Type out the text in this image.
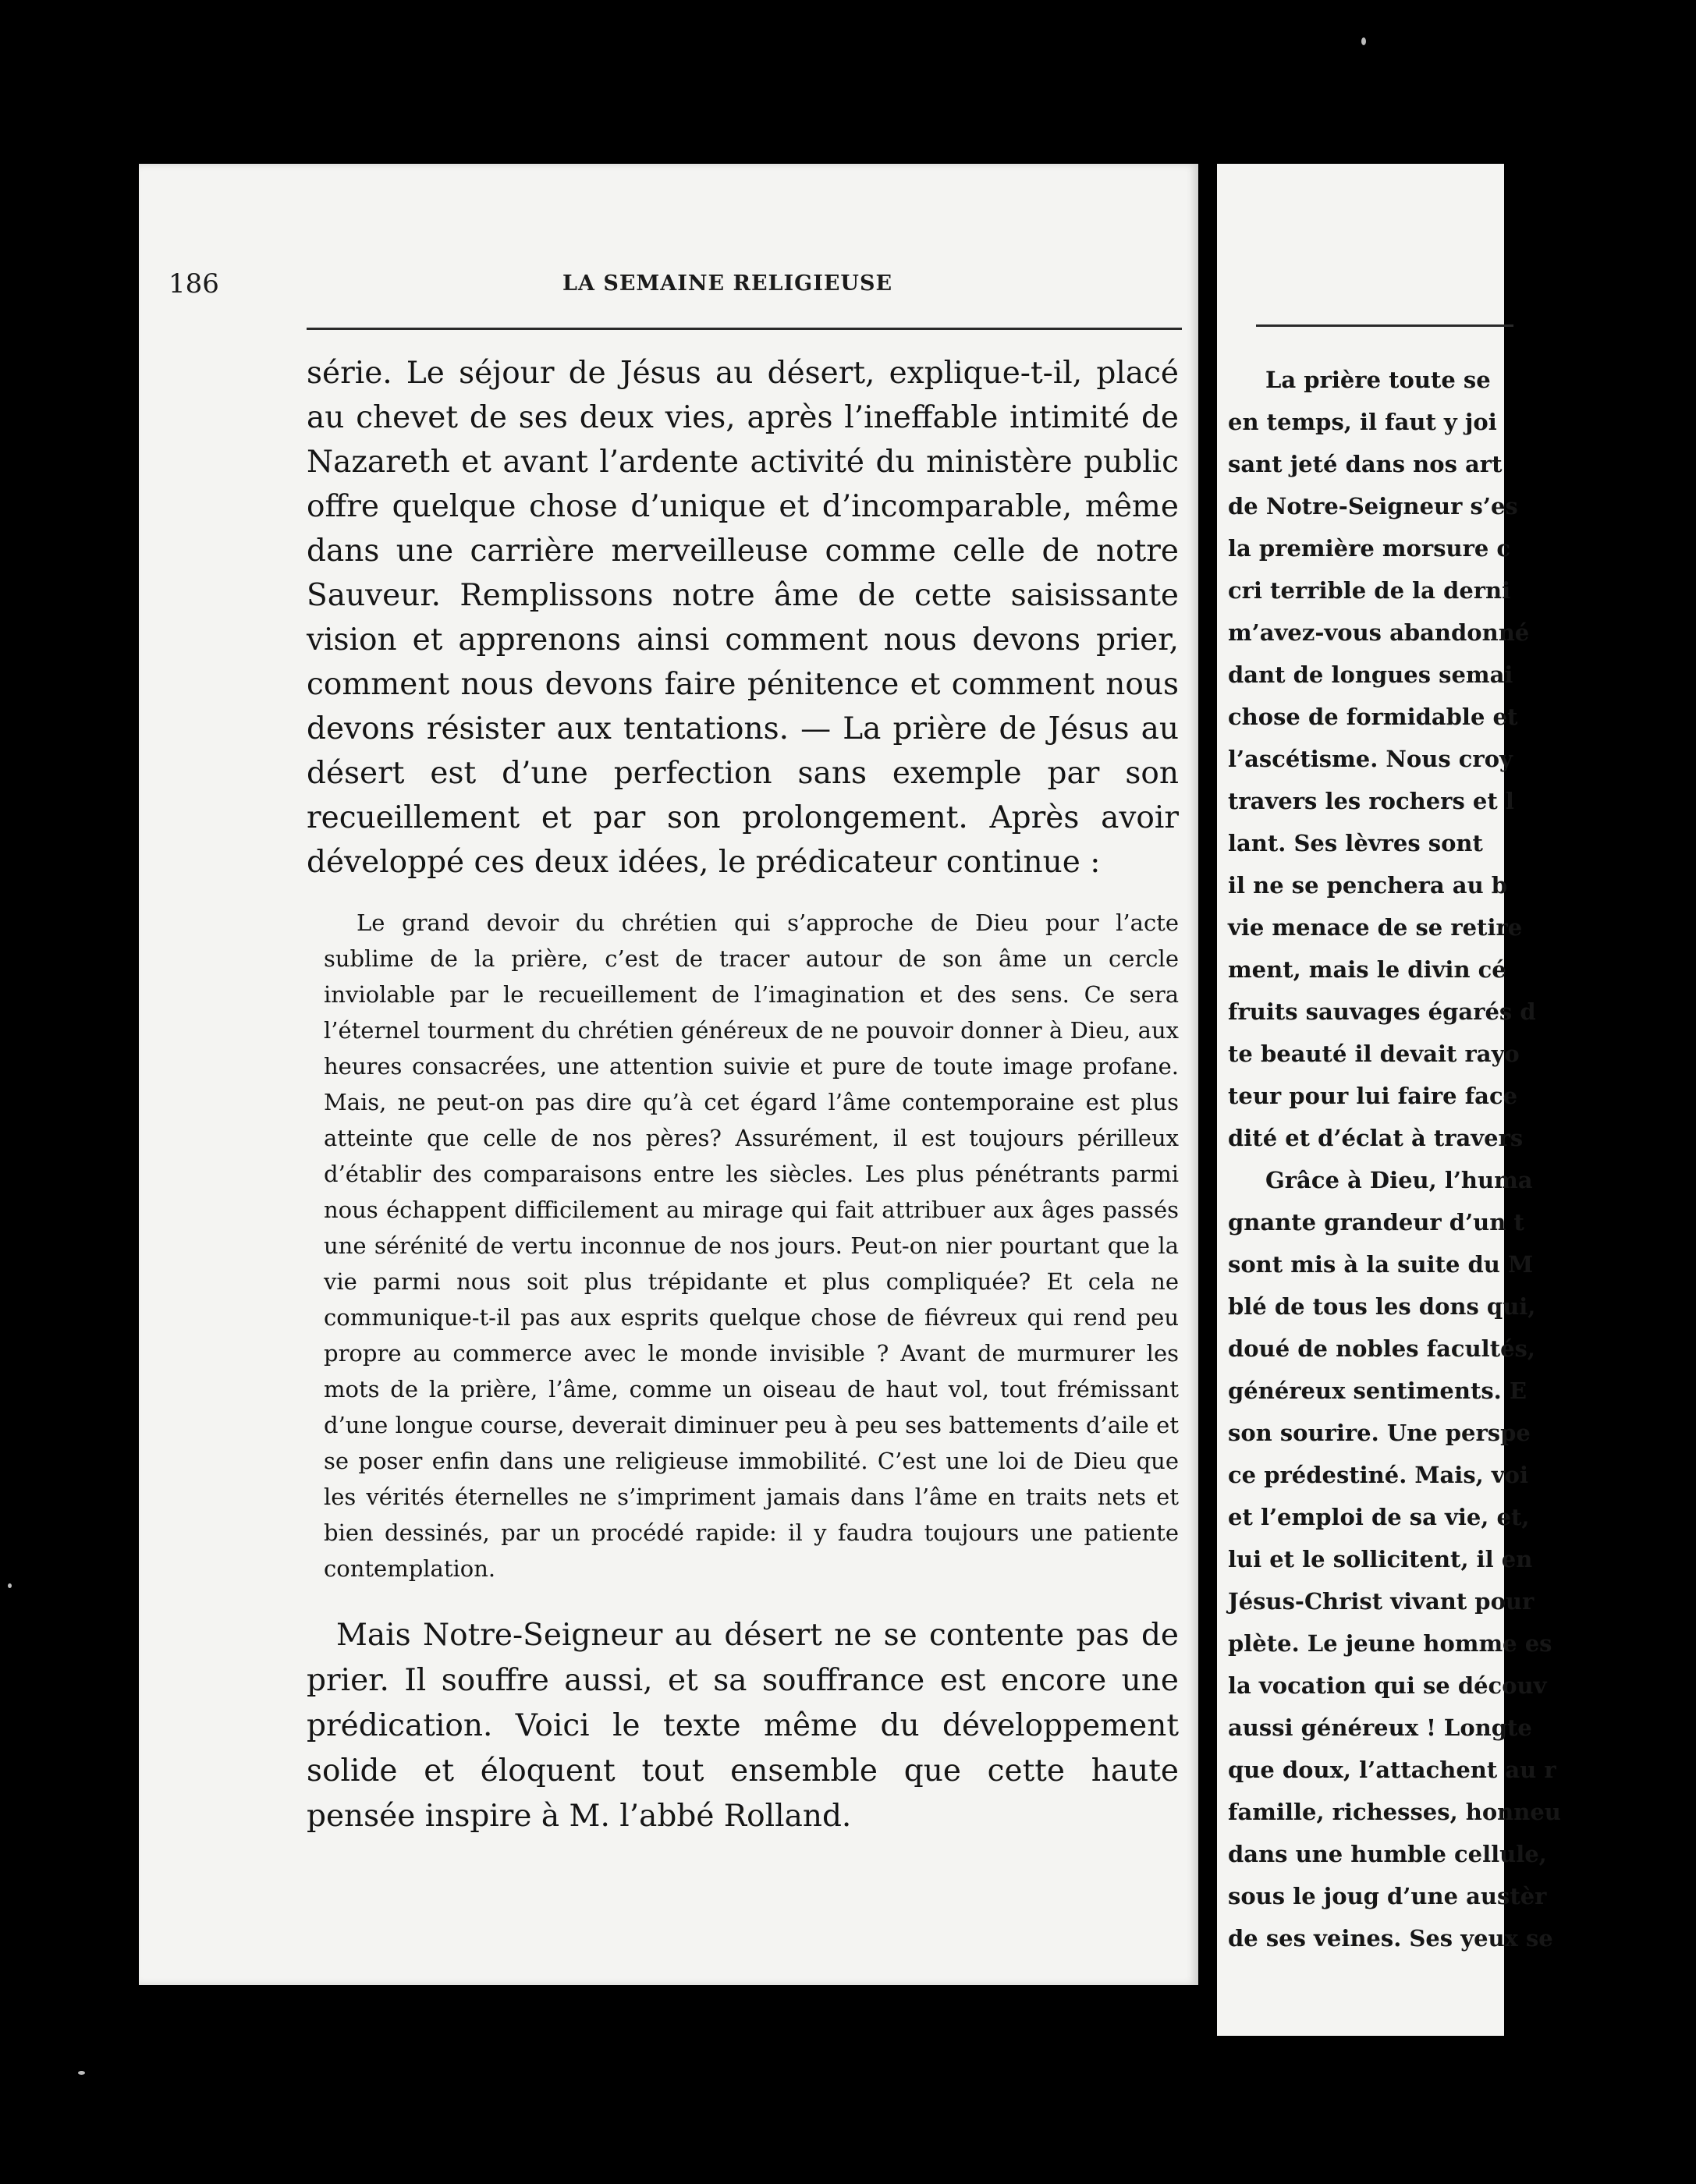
186	LA SEMAINE RELIGIEUSE

série. Le séjour de Jésus au désert, explique-t-il, placé au chevet de ses deux vies, après l’ineffable intimité de Nazareth et avant l’ardente activité du ministère public offre quelque chose d’unique et d’incomparable, même dans une carrière merveilleuse comme celle de notre Sauveur. Remplissons notre âme de cette saisissante vision et apprenons ainsi comment nous devons prier, comment nous devons faire pénitence et comment nous devons résister aux tentations. — La prière de Jésus au désert est d’une perfection sans exemple par son recueillement et par son prolongement. Après avoir développé ces deux idées, le prédicateur continue :

Le grand devoir du chrétien qui s’approche de Dieu pour l’acte sublime de la prière, c’est de tracer autour de son âme un cercle inviolable par le recueillement de l’imagination et des sens. Ce sera l’éternel tourment du chrétien généreux de ne pouvoir donner à Dieu, aux heures consacrées, une attention suivie et pure de toute image profane. Mais, ne peut-on pas dire qu’à cet égard l’âme contemporaine est plus atteinte que celle de nos pères? Assurément, il est toujours périlleux d’établir des comparaisons entre les siècles. Les plus pénétrants parmi nous échappent difficilement au mirage qui fait attribuer aux âges passés une sérénité de vertu inconnue de nos jours. Peut-on nier pourtant que la vie parmi nous soit plus trépidante et plus compliquée? Et cela ne communique-t-il pas aux esprits quelque chose de fiévreux qui rend peu propre au commerce avec le monde invisible ? Avant de murmurer les mots de la prière, l’âme, comme un oiseau de haut vol, tout frémissant d’une longue course, deverait diminuer peu à peu ses battements d’aile et se poser enfin dans une religieuse immobilité. C’est une loi de Dieu que les vérités éternelles ne s’impriment jamais dans l’âme en traits nets et bien dessinés, par un procédé rapide: il y faudra toujours une patiente contemplation.

Mais Notre-Seigneur au désert ne se contente pas de prier. Il souffre aussi, et sa souffrance est encore une prédication. Voici le texte même du développement solide et éloquent tout ensemble que cette haute pensée inspire à M. l’abbé Rolland.

La prière toute se
en temps, il faut y joi
sant jeté dans nos art
de Notre-Seigneur s’es
la première morsure c
cri terrible de la derni
m’avez-vous abandonné
dant de longues semai
chose de formidable et
l’ascétisme. Nous croy
travers les rochers et l
lant. Ses lèvres sont
il ne se penchera au b
vie menace de se retire
ment, mais le divin cé
fruits sauvages égarés d
te beauté il devait rayo
teur pour lui faire face
dité et d’éclat à travers
Grâce à Dieu, l’huma
gnante grandeur d’un t
sont mis à la suite du M
blé de tous les dons qui,
doué de nobles facultés,
généreux sentiments. E
son sourire. Une perspe
ce prédestiné. Mais, voi
et l’emploi de sa vie, et,
lui et le sollicitent, il en
Jésus-Christ vivant pour
plète. Le jeune homme es
la vocation qui se découv
aussi généreux ! Longte
que doux, l’attachent au r
famille, richesses, honneu
dans une humble cellule,
sous le joug d’une austèr
de ses veines. Ses yeux se
